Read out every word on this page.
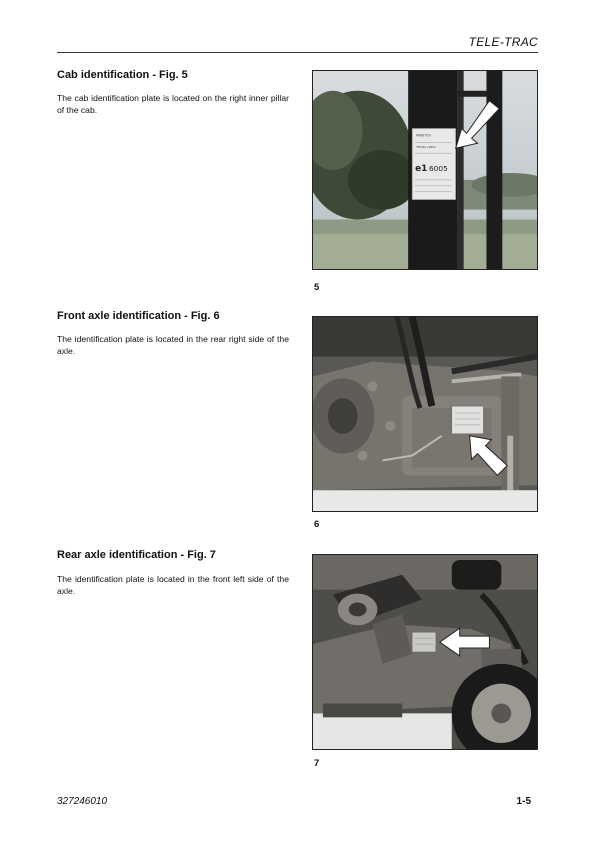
TELE-TRAC
Cab identification - Fig. 5

The cab identification plate is located on the right inner pillar of the cab.

MANITOU
TECNA LIBAS
e1 6005
5
Front axle identification - Fig. 6

The identification plate is located in the rear right side of the axle.

6
Rear axle identification - Fig. 7

The identification plate is located in the front left side of the axle.

7
327246010	1-5
